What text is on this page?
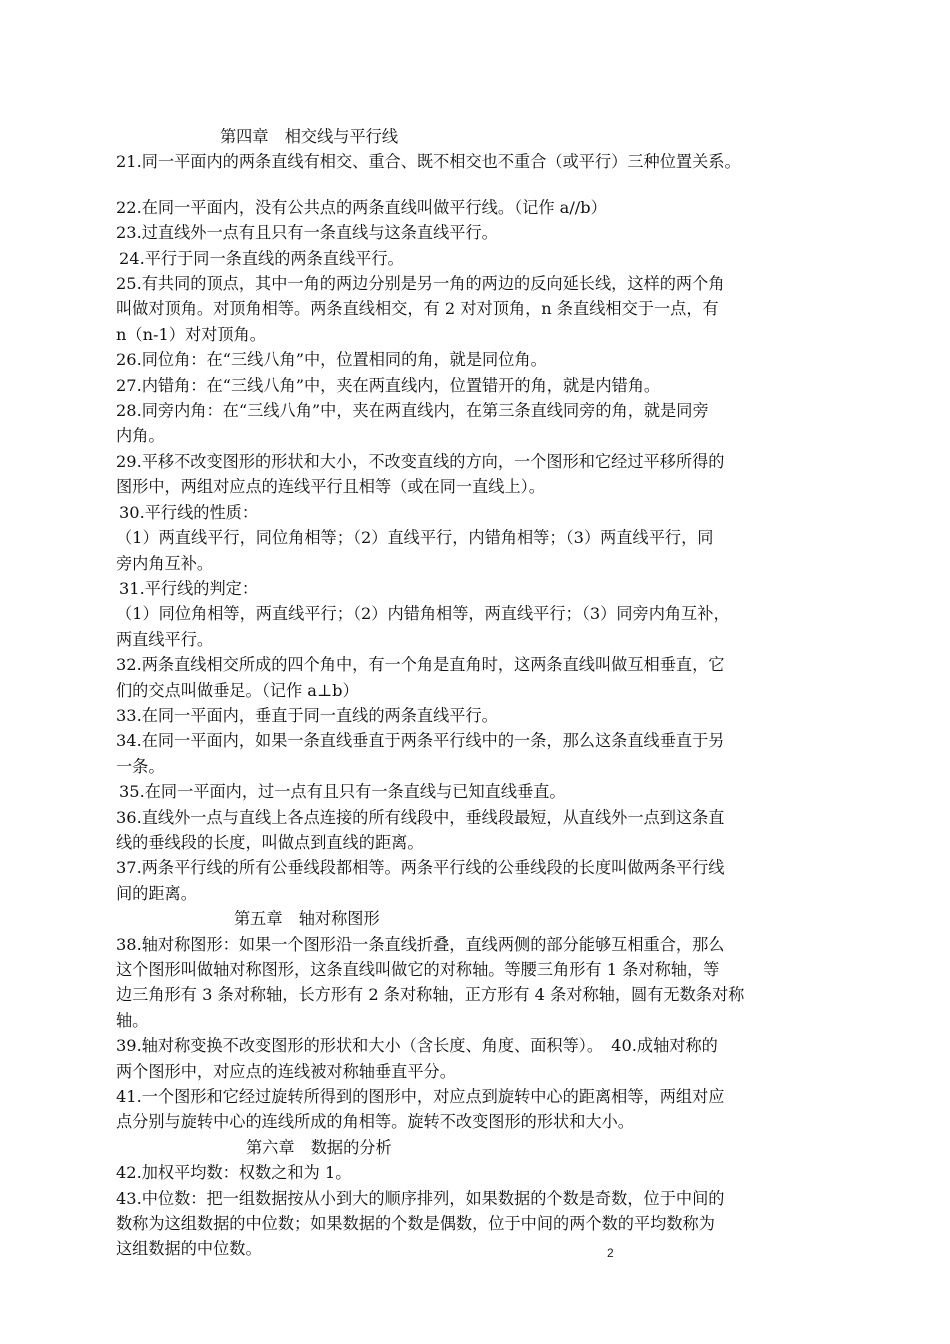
第四章　相交线与平行线
21.同一平面内的两条直线有相交、重合、既不相交也不重合（或平行）三种位置关系。
22.在同一平面内，没有公共点的两条直线叫做平行线。（记作 a//b）
23.过直线外一点有且只有一条直线与这条直线平行。
24.平行于同一条直线的两条直线平行。
25.有共同的顶点，其中一角的两边分别是另一角的两边的反向延长线，这样的两个角
叫做对顶角。对顶角相等。两条直线相交，有 2 对对顶角，n 条直线相交于一点，有
n（n-1）对对顶角。
26.同位角：在“三线八角”中，位置相同的角，就是同位角。
27.内错角：在“三线八角”中，夹在两直线内，位置错开的角，就是内错角。
28.同旁内角：在“三线八角”中，夹在两直线内，在第三条直线同旁的角，就是同旁
内角。
29.平移不改变图形的形状和大小，不改变直线的方向，一个图形和它经过平移所得的
图形中，两组对应点的连线平行且相等（或在同一直线上）。
30.平行线的性质：
（1）两直线平行，同位角相等；（2）直线平行，内错角相等；（3）两直线平行，同
旁内角互补。
31.平行线的判定：
（1）同位角相等，两直线平行；（2）内错角相等，两直线平行；（3）同旁内角互补，
两直线平行。
32.两条直线相交所成的四个角中，有一个角是直角时，这两条直线叫做互相垂直，它
们的交点叫做垂足。（记作 a⊥b）
33.在同一平面内，垂直于同一直线的两条直线平行。
34.在同一平面内，如果一条直线垂直于两条平行线中的一条，那么这条直线垂直于另
一条。
35.在同一平面内，过一点有且只有一条直线与已知直线垂直。
36.直线外一点与直线上各点连接的所有线段中，垂线段最短，从直线外一点到这条直
线的垂线段的长度，叫做点到直线的距离。
37.两条平行线的所有公垂线段都相等。两条平行线的公垂线段的长度叫做两条平行线
间的距离。
第五章　轴对称图形
38.轴对称图形：如果一个图形沿一条直线折叠，直线两侧的部分能够互相重合，那么
这个图形叫做轴对称图形，这条直线叫做它的对称轴。等腰三角形有 1 条对称轴，等
边三角形有 3 条对称轴，长方形有 2 条对称轴，正方形有 4 条对称轴，圆有无数条对称
轴。
39.轴对称变换不改变图形的形状和大小（含长度、角度、面积等）。　40.成轴对称的
两个图形中，对应点的连线被对称轴垂直平分。
41.一个图形和它经过旋转所得到的图形中，对应点到旋转中心的距离相等，两组对应
点分别与旋转中心的连线所成的角相等。旋转不改变图形的形状和大小。
第六章　数据的分析
42.加权平均数：权数之和为 1。
43.中位数：把一组数据按从小到大的顺序排列，如果数据的个数是奇数，位于中间的
数称为这组数据的中位数；如果数据的个数是偶数，位于中间的两个数的平均数称为
这组数据的中位数。	2
